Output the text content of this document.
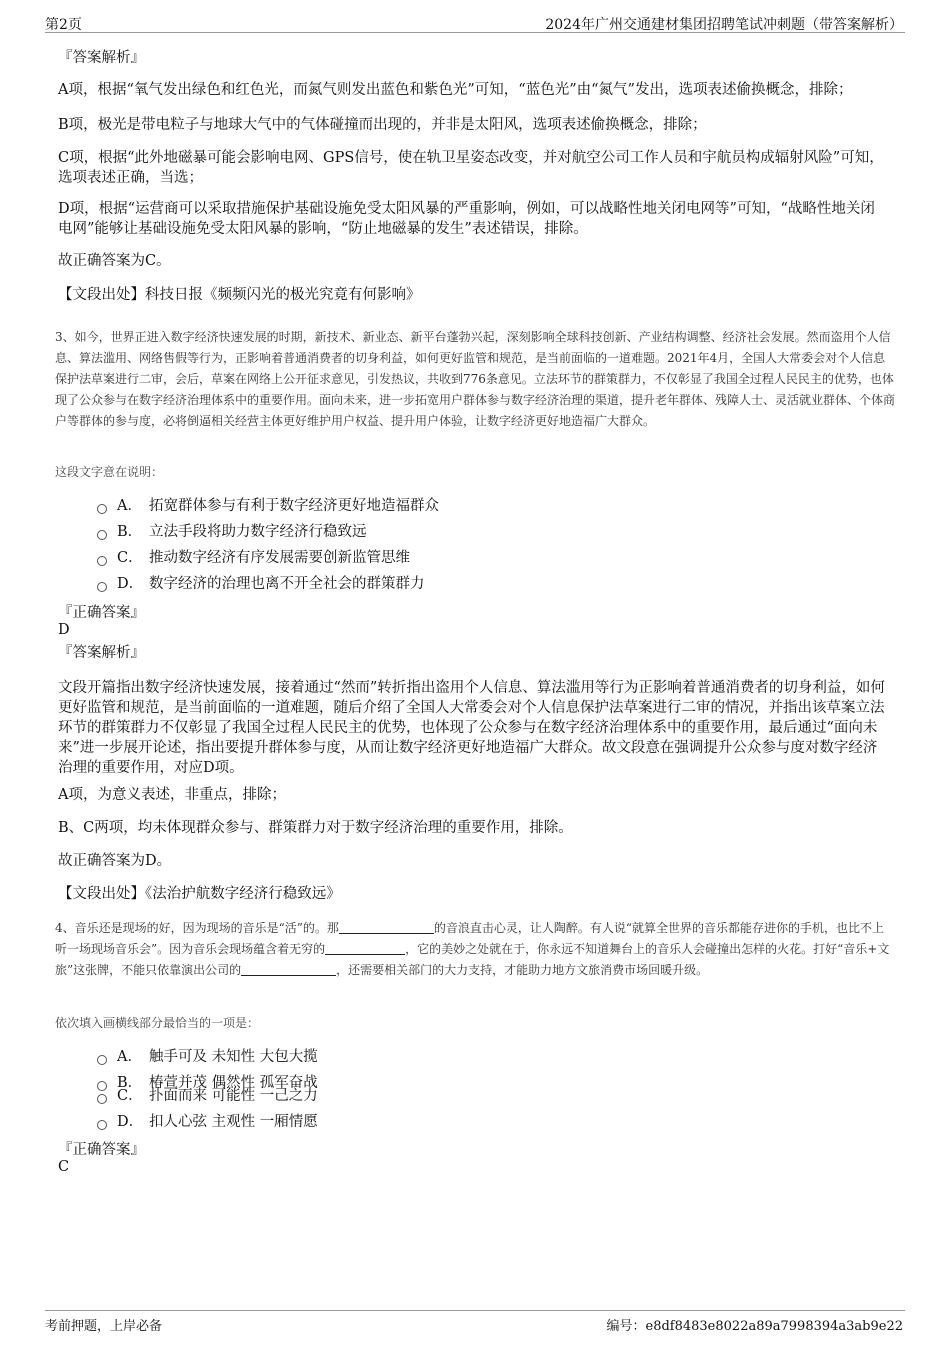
第2页	2024年广州交通建材集团招聘笔试冲刺题（带答案解析）
『答案解析』
A项，根据“氧气发出绿色和红色光，而氮气则发出蓝色和紫色光”可知，“蓝色光”由“氮气”发出，选项表述偷换概念，排除；
B项，极光是带电粒子与地球大气中的气体碰撞而出现的，并非是太阳风，选项表述偷换概念，排除；
C项，根据“此外地磁暴可能会影响电网、GPS信号，使在轨卫星姿态改变，并对航空公司工作人员和宇航员构成辐射风险”可知，选项表述正确，当选；
D项，根据“运营商可以采取措施保护基础设施免受太阳风暴的严重影响，例如，可以战略性地关闭电网等”可知，“战略性地关闭电网”能够让基础设施免受太阳风暴的影响，“防止地磁暴的发生”表述错误，排除。
故正确答案为C。
【文段出处】科技日报《频频闪光的极光究竟有何影响》
3、如今，世界正进入数字经济快速发展的时期，新技术、新业态、新平台蓬勃兴起，深刻影响全球科技创新、产业结构调整、经济社会发展。然而盗用个人信息、算法滥用、网络售假等行为，正影响着普通消费者的切身利益，如何更好监管和规范，是当前面临的一道难题。2021年4月，全国人大常委会对个人信息保护法草案进行二审，会后，草案在网络上公开征求意见，引发热议，共收到776条意见。立法环节的群策群力，不仅彰显了我国全过程人民民主的优势，也体现了公众参与在数字经济治理体系中的重要作用。面向未来，进一步拓宽用户群体参与数字经济治理的渠道，提升老年群体、残障人士、灵活就业群体、个体商户等群体的参与度，必将倒逼相关经营主体更好维护用户权益、提升用户体验，让数字经济更好地造福广大群众。
这段文字意在说明：
A． 拓宽群体参与有利于数字经济更好地造福群众
B． 立法手段将助力数字经济行稳致远
C． 推动数字经济有序发展需要创新监管思维
D． 数字经济的治理也离不开全社会的群策群力
『正确答案』
D
『答案解析』
文段开篇指出数字经济快速发展，接着通过“然而”转折指出盗用个人信息、算法滥用等行为正影响着普通消费者的切身利益，如何更好监管和规范，是当前面临的一道难题，随后介绍了全国人大常委会对个人信息保护法草案进行二审的情况，并指出该草案立法环节的群策群力不仅彰显了我国全过程人民民主的优势，也体现了公众参与在数字经济治理体系中的重要作用，最后通过“面向未来”进一步展开论述，指出要提升群体参与度，从而让数字经济更好地造福广大群众。故文段意在强调提升公众参与度对数字经济治理的重要作用，对应D项。
A项，为意义表述，非重点，排除；
B、C两项，均未体现群众参与、群策群力对于数字经济治理的重要作用，排除。
故正确答案为D。
【文段出处】《法治护航数字经济行稳致远》
4、音乐还是现场的好，因为现场的音乐是“活”的。那	的音浪直击心灵，让人陶醉。有人说“就算全世界的音乐都能存进你的手机，也比不上听一场现场音乐会”。因为音乐会现场蕴含着无穷的	，它的美妙之处就在于，你永远不知道舞台上的音乐人会碰撞出怎样的火花。打好“音乐+文旅”这张牌，不能只依靠演出公司的	，还需要相关部门的大力支持，才能助力地方文旅消费市场回暖升级。
依次填入画横线部分最恰当的一项是：
A． 触手可及 未知性 大包大揽
B． 椿萱并茂 偶然性 孤军奋战
C． 扑面而来 可能性 一己之力
D． 扣人心弦 主观性 一厢情愿
『正确答案』
C
考前押题，上岸必备	编号：e8df8483e8022a89a7998394a3ab9e22
